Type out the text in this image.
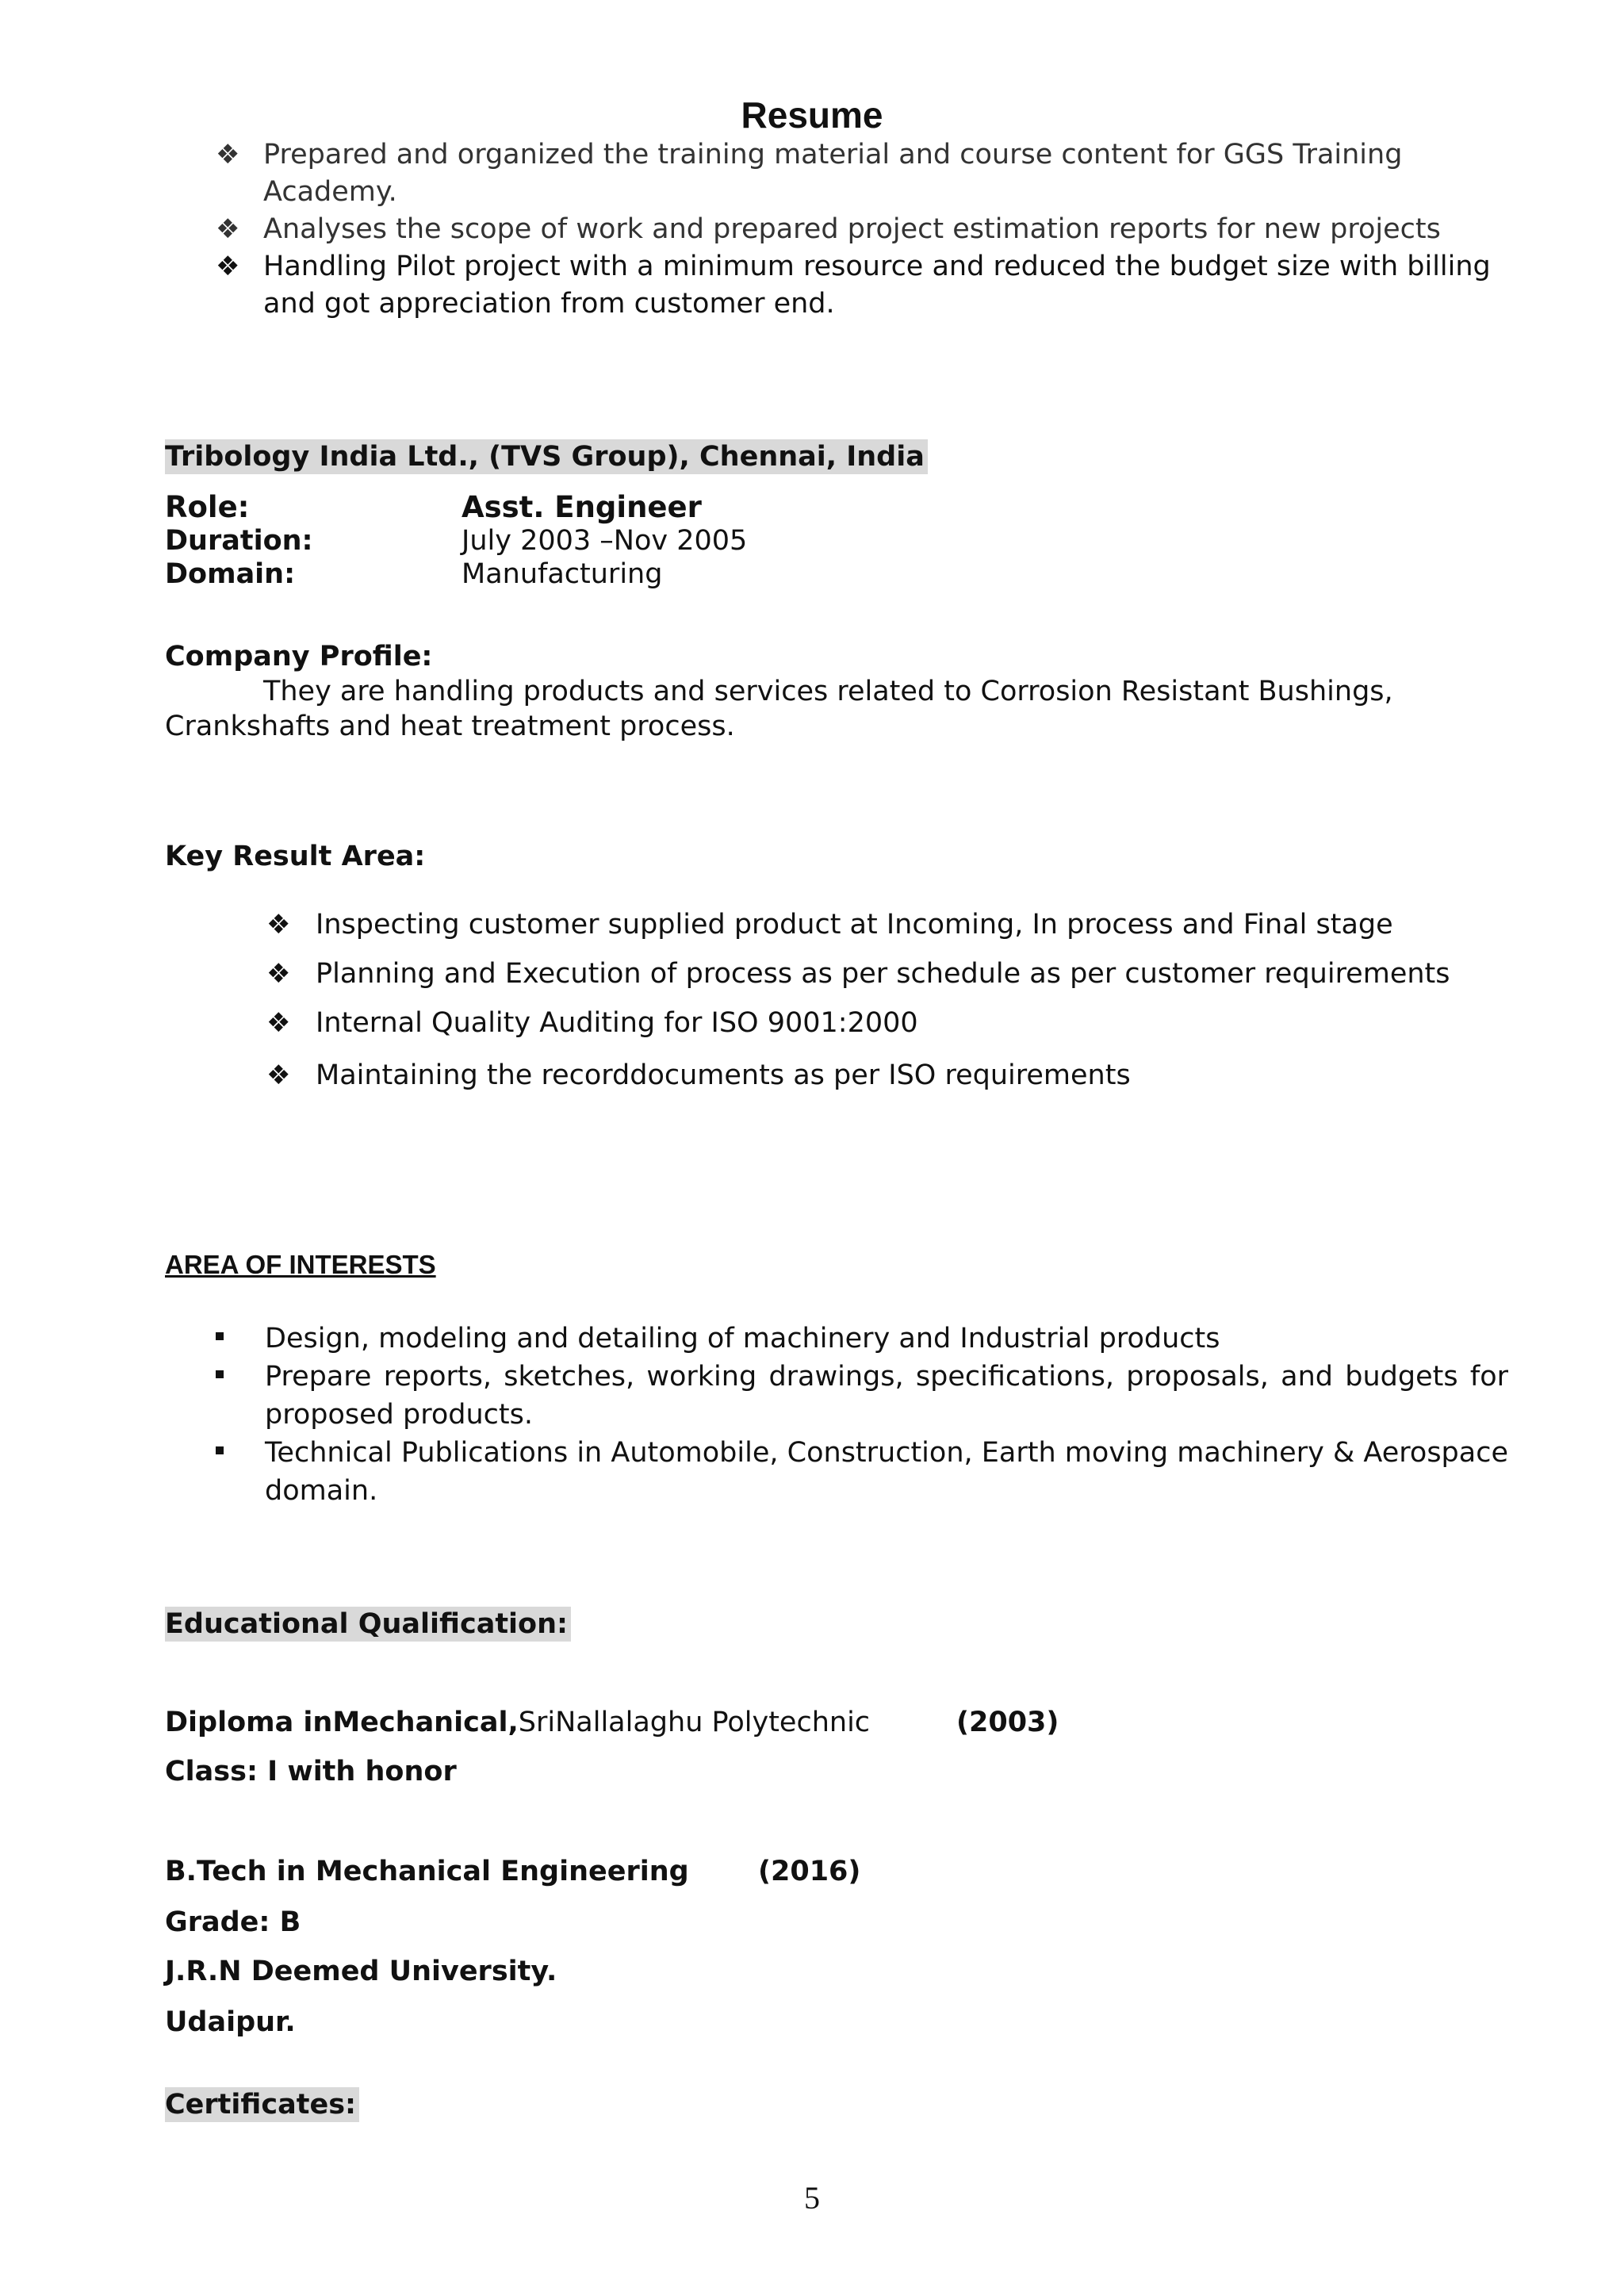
Resume
❖ Prepared and organized the training material and course content for GGS Training Academy.
❖ Analyses the scope of work and prepared project estimation reports for new projects
❖ Handling Pilot project with a minimum resource and reduced the budget size with billing and got appreciation from customer end.
Tribology India Ltd., (TVS Group), Chennai, India
Role:	Asst. Engineer
Duration:	July 2003 –Nov 2005
Domain:	Manufacturing
Company Profile:
They are handling products and services related to Corrosion Resistant Bushings,
Crankshafts and heat treatment process.
Key Result Area:
❖ Inspecting customer supplied product at Incoming, In process and Final stage
❖ Planning and Execution of process as per schedule as per customer requirements
❖ Internal Quality Auditing for ISO 9001:2000
❖ Maintaining the recorddocuments as per ISO requirements
AREA OF INTERESTS
Design, modeling and detailing of machinery and Industrial products
Prepare reports, sketches, working drawings, specifications, proposals, and budgets for proposed products.
Technical Publications in Automobile, Construction, Earth moving machinery & Aerospace domain.
Educational Qualification:
Diploma inMechanical,SriNallalaghu Polytechnic	(2003)
Class: I with honor
B.Tech in Mechanical Engineering (2016)
Grade: B
J.R.N Deemed University.
Udaipur.
Certificates:
5
